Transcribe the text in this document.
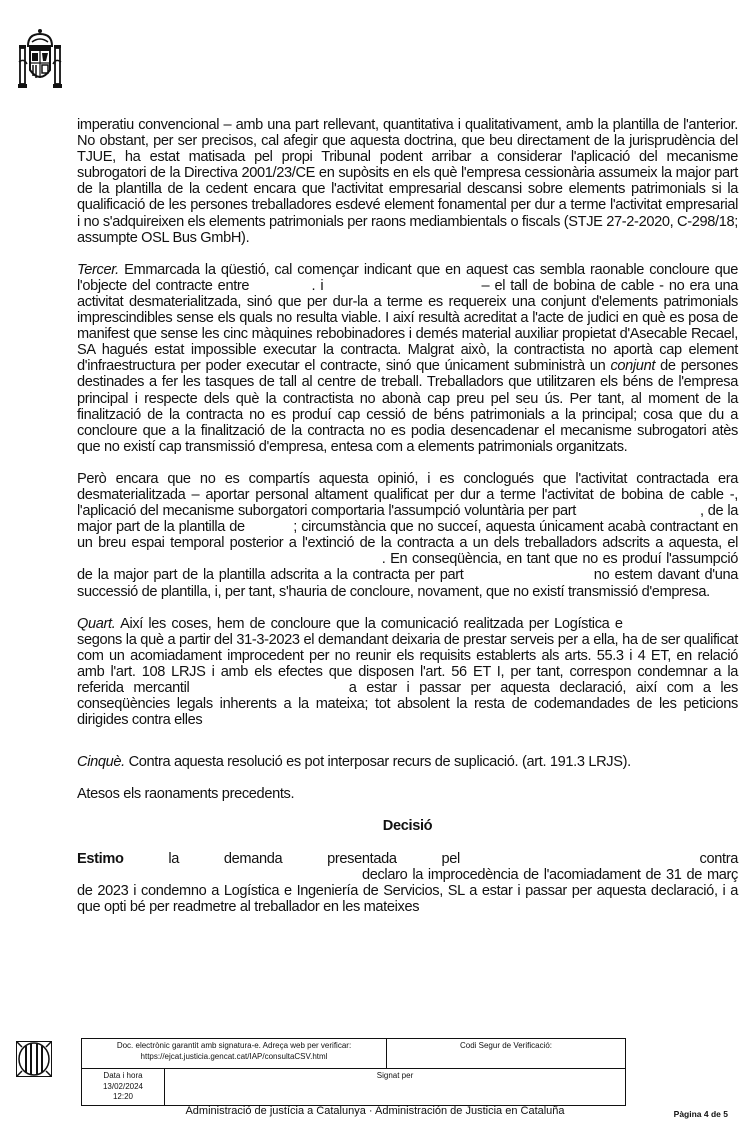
imperatiu convencional – amb una part rellevant, quantitativa i qualitativament, amb la plantilla de l'anterior. No obstant, per ser precisos, cal afegir que aquesta doctrina, que beu directament de la jurisprudència del TJUE, ha estat matisada pel propi Tribunal podent arribar a considerar l'aplicació del mecanisme subrogatori de la Directiva 2001/23/CE en supòsits en els què l'empresa cessionària assumeix la major part de la plantilla de la cedent encara que l'activitat empresarial descansi sobre elements patrimonials si la qualificació de les persones treballadores esdevé element fonamental per dur a terme l'activitat empresarial i no s'adquireixen els elements patrimonials per raons mediambientals o fiscals (STJE 27-2-2020, C-298/18; assumpte OSL Bus GmbH).

Tercer. Emmarcada la qüestió, cal començar indicant que en aquest cas sembla raonable concloure que l'objecte del contracte entre	. i	– el tall de bobina de cable - no era una activitat desmaterialitzada, sinó que per dur-la a terme es requereix una conjunt d'elements patrimonials imprescindibles sense els quals no resulta viable. I així resultà acreditat a l'acte de judici en què es posa de manifest que sense les cinc màquines rebobinadores i demés material auxiliar propietat d'Asecable Recael, SA hagués estat impossible executar la contracta. Malgrat això, la contractista no aportà cap element d'infraestructura per poder executar el contracte, sinó que únicament subministrà un conjunt de persones destinades a fer les tasques de tall al centre de treball. Treballadors que utilitzaren els béns de l'empresa principal i respecte dels què la contractista no abonà cap preu pel seu ús. Per tant, al moment de la finalització de la contracta no es produí cap cessió de béns patrimonials a la principal; cosa que du a concloure que a la finalització de la contracta no es podia desencadenar el mecanisme subrogatori atès que no existí cap transmissió d'empresa, entesa com a elements patrimonials organitzats.

Però encara que no es compartís aquesta opinió, i es conclogués que l'activitat contractada era desmaterialitzada – aportar personal altament qualificat per dur a terme l'activitat de bobina de cable -, l'aplicació del mecanisme suborgatori comportaria l'assumpció voluntària per part	, de la major part de la plantilla de	; circumstància que no succeí, aquesta únicament acabà contractant en un breu espai temporal posterior a l'extinció de la contracta a un dels treballadors adscrits a aquesta, el  . En conseqüència, en tant que no es produí l'assumpció de la major part de la plantilla adscrita a la contracta per part	no estem davant d'una successió de plantilla, i, per tant, s'hauria de concloure, novament, que no existí transmissió d'empresa.

Quart. Així les coses, hem de concloure que la comunicació realitzada per Logística e  segons la què a partir del 31-3-2023 el demandant deixaria de prestar serveis per a ella, ha de ser qualificat com un acomiadament improcedent per no reunir els requisits establerts als arts. 55.3 i 4 ET, en relació amb l'art. 108 LRJS i amb els efectes que disposen l'art. 56 ET I, per tant, correspon condemnar a la referida mercantil	a estar i passar per aquesta declaració, així com a les conseqüències legals inherents a la mateixa; tot absolent la resta de codemandades de les peticions dirigides contra elles

Cinquè. Contra aquesta resolució es pot interposar recurs de suplicació. (art. 191.3 LRJS).

Atesos els raonaments precedents.

Decisió

Estimo la demanda presentada pel	contra  declaro la improcedència de l'acomiadament de 31 de març de 2023 i condemno a Logística e Ingeniería de Servicios, SL a estar i passar per aquesta declaració, i a que opti bé per readmetre al treballador en les mateixes

Doc. electrònic garantit amb signatura-e. Adreça web per verificar:
https://ejcat.justicia.gencat.cat/IAP/consultaCSV.html		Codi Segur de Verificació:

Data i hora
13/02/2024
12:20	Signat per	
Administració de justícia a Catalunya · Administración de Justicia en Cataluña	Pàgina 4 de 5
